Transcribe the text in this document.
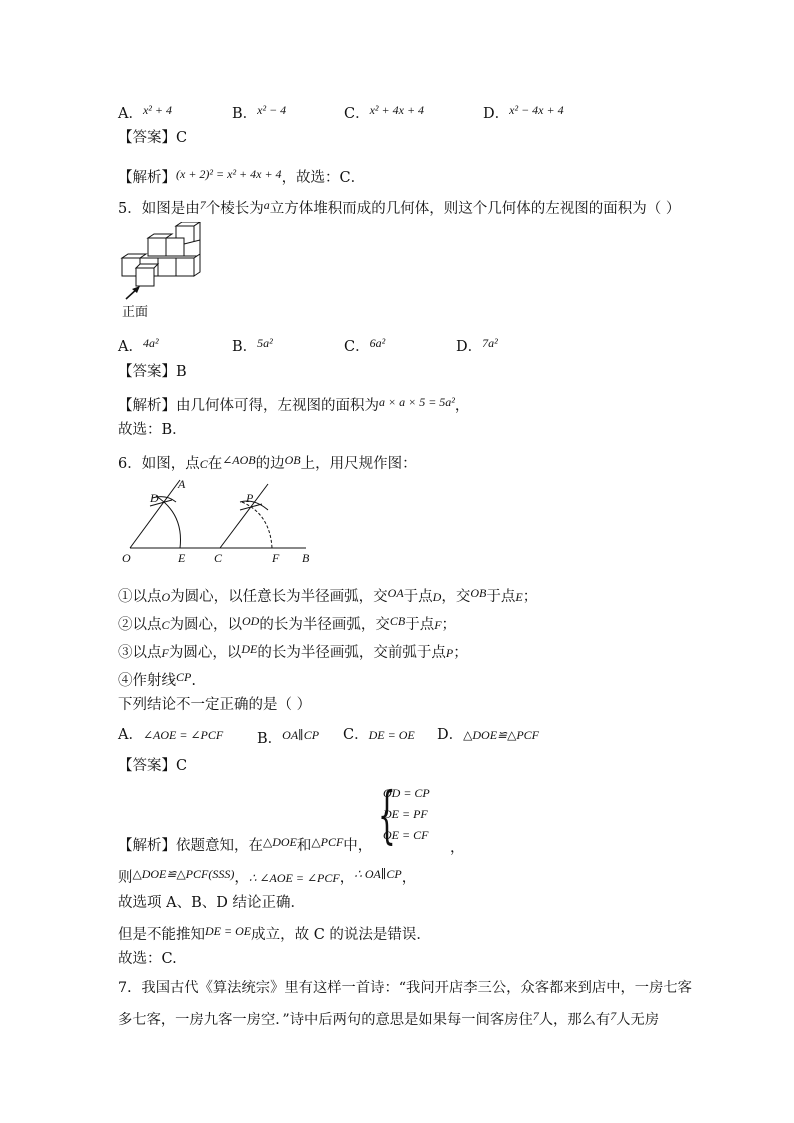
A．$^{x^2 + 4}$	B．$^{x^2 - 4}$	C．$^{x^2 + 4x + 4}$	D．$^{x^2 - 4x + 4}$
【答案】C
【解析】$^{(x + 2)^2 = x^2 + 4x + 4}$，故选：C．
5．如图是由$^7$个棱长为$^a$立方体堆积而成的几何体，则这个几何体的左视图的面积为（ ）
正面
A．$^{4a^2}$	B．$^{5a^2}$	C．$^{6a^2}$	D．$^{7a^2}$
【答案】B
【解析】由几何体可得，左视图的面积为$^{a \times a \times 5 = 5a^2}$，
故选：B．
6．如图，点C在$^{\angle AOB}$的边$^{OB}$上，用尺规作图：
A
D
O	E C
P
F B
①以点O为圆心，以任意长为半径画弧，交$^{OA}$于点D，交$^{OB}$于点E；
②以点C为圆心，以$^{OD}$的长为半径画弧，交$^{CB}$于点F；
③以点F为圆心，以$^{DE}$的长为半径画弧，交前弧于点P；
④作射线$^{CP}$.
下列结论不一定正确的是（ ）
A．∠AOE = ∠PCF B．$^{OA\parallel CP}$ C．DE = OE D．△DOE≌△PCF
【答案】C
{
OD = CP
DE = PF
OE = CF
【解析】依题意知，在$^{\triangle DOE}$和$^{\triangle PCF}$中，	，
则$^{\triangle DOE≌\triangle PCF(SSS)}$，∴ ∠AOE = ∠PCF，$^{\therefore OA\parallel CP}$，
故选项 A、B、D 结论正确．
但是不能推知$^{DE = OE}$成立，故 C 的说法是错误．
故选：C.
7．我国古代《算法统宗》里有这样一首诗：“我问开店李三公，众客都来到店中，一房七客
多七客，一房九客一房空．”诗中后两句的意思是如果每一间客房住$^7$人，那么有$^7$人无房
